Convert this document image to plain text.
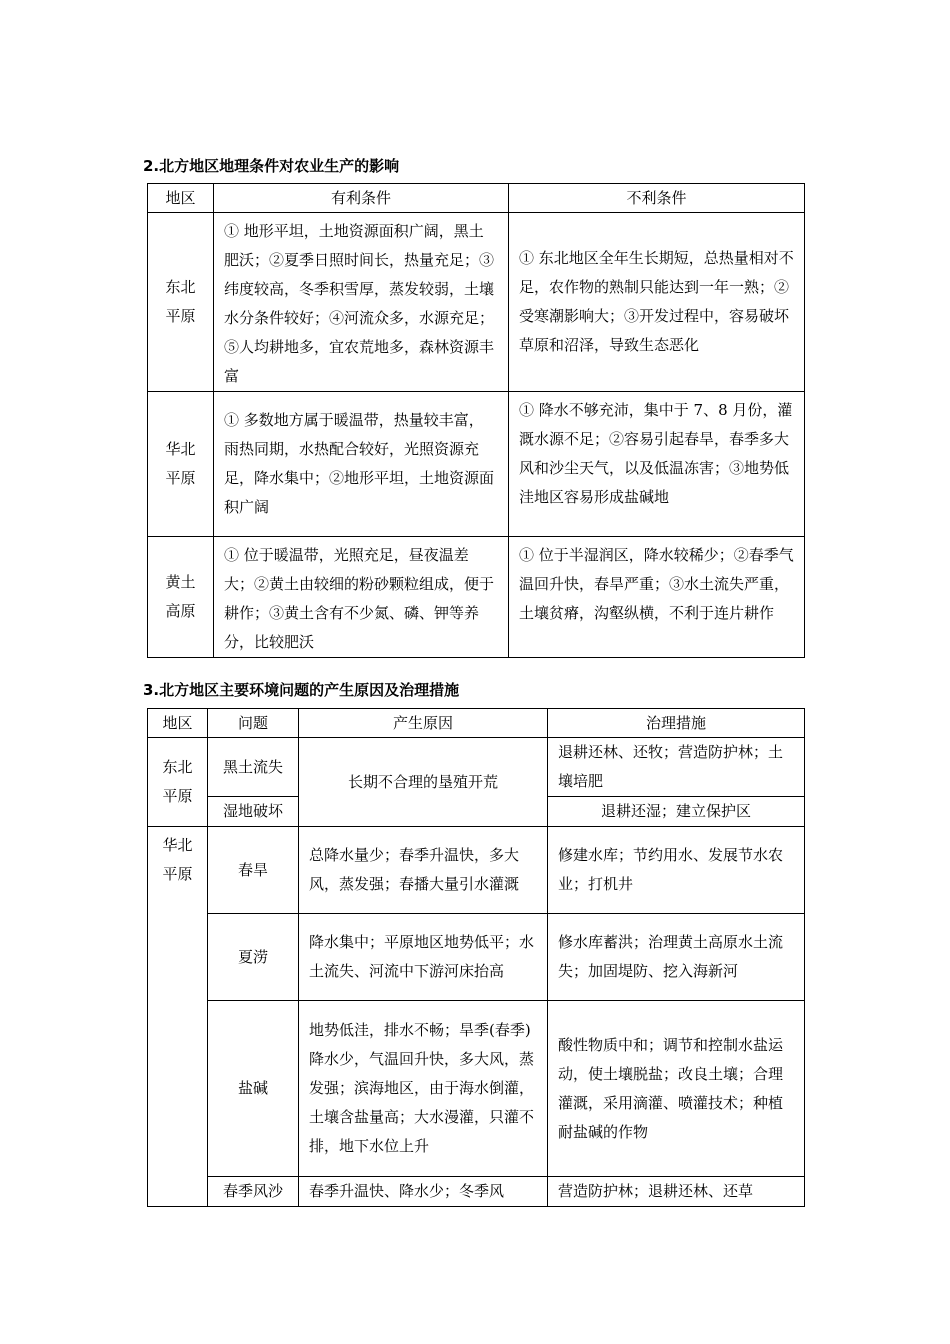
2.北方地区地理条件对农业生产的影响
地区	有利条件	不利条件

东北
平原	① 地形平坦，土地资源面积广阔，黑土肥沃；②夏季日照时间长，热量充足；③纬度较高，冬季积雪厚，蒸发较弱，土壤水分条件较好；④河流众多，水源充足；⑤人均耕地多，宜农荒地多，森林资源丰富	① 东北地区全年生长期短，总热量相对不足，农作物的熟制只能达到一年一熟；②受寒潮影响大；③开发过程中，容易破坏草原和沼泽，导致生态恶化

华北
平原	① 多数地方属于暖温带，热量较丰富，雨热同期，水热配合较好，光照资源充足，降水集中；②地形平坦，土地资源面积广阔	① 降水不够充沛，集中于 7、8 月份，灌溉水源不足；②容易引起春旱，春季多大风和沙尘天气，以及低温冻害；③地势低洼地区容易形成盐碱地

黄土
高原	① 位于暖温带，光照充足，昼夜温差大；②黄土由较细的粉砂颗粒组成，便于耕作；③黄土含有不少氮、磷、钾等养分，比较肥沃	① 位于半湿润区，降水较稀少；②春季气温回升快，春旱严重；③水土流失严重，土壤贫瘠，沟壑纵横，不利于连片耕作
3.北方地区主要环境问题的产生原因及治理措施
地区	问题	产生原因	治理措施

东北
平原	黑土流失	长期不合理的垦殖开荒	退耕还林、还牧；营造防护林；土壤培肥
	湿地破坏		退耕还湿；建立保护区

华北
平原	春旱	总降水量少；春季升温快，多大风，蒸发强；春播大量引水灌溉	修建水库；节约用水、发展节水农业；打机井
	夏涝	降水集中；平原地区地势低平；水土流失、河流中下游河床抬高	修水库蓄洪；治理黄土高原水土流失；加固堤防、挖入海新河
	盐碱	地势低洼，排水不畅；旱季(春季)降水少，气温回升快，多大风，蒸发强；滨海地区，由于海水倒灌，土壤含盐量高；大水漫灌，只灌不排，地下水位上升	酸性物质中和；调节和控制水盐运动，使土壤脱盐；改良土壤；合理灌溉，采用滴灌、喷灌技术；种植耐盐碱的作物
	春季风沙	春季升温快、降水少；冬季风	营造防护林；退耕还林、还草
